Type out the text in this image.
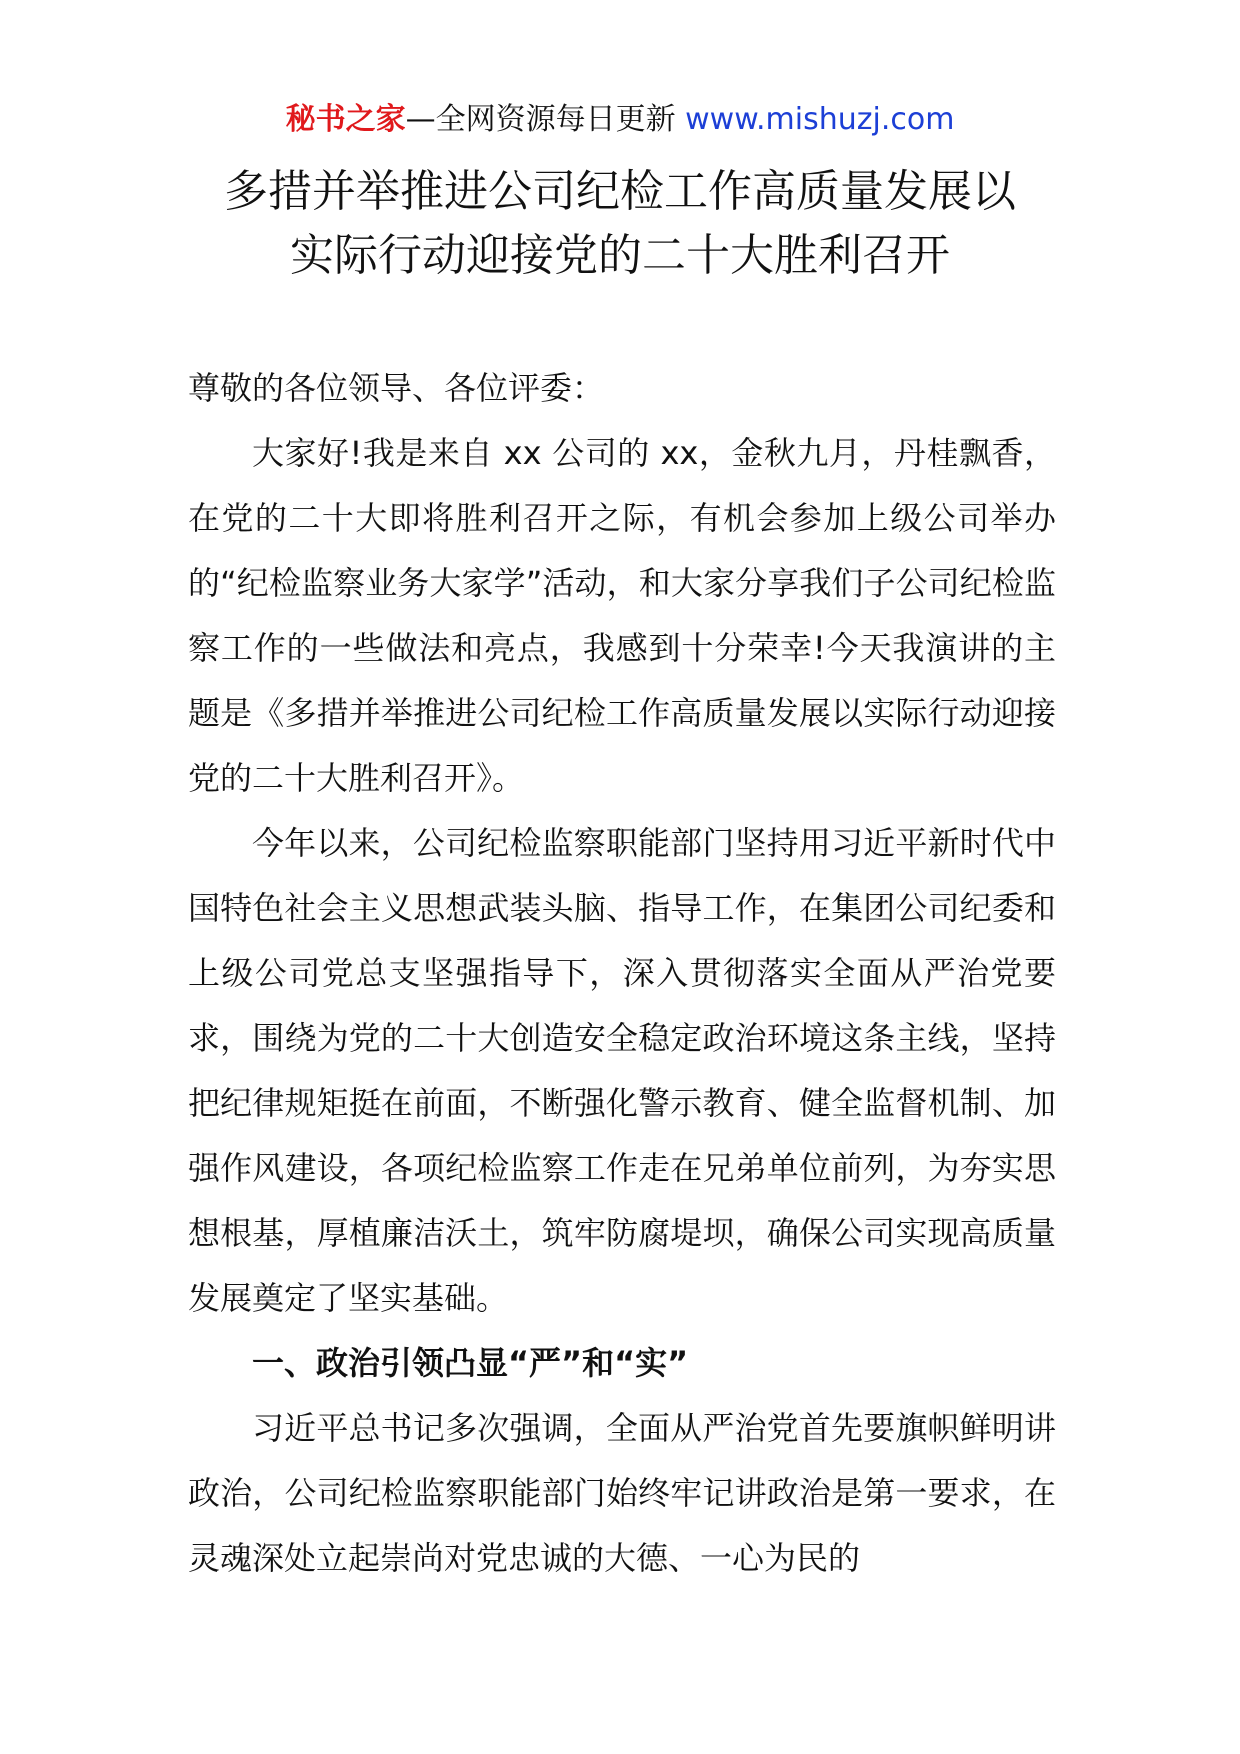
秘书之家—全网资源每日更新 www.mishuzj.com
多措并举推进公司纪检工作高质量发展以
实际行动迎接党的二十大胜利召开

尊敬的各位领导、各位评委：

大家好!我是来自 xx 公司的 xx，金秋九月，丹桂飘香，在党的二十大即将胜利召开之际，有机会参加上级公司举办的“纪检监察业务大家学”活动，和大家分享我们子公司纪检监察工作的一些做法和亮点，我感到十分荣幸!今天我演讲的主题是《多措并举推进公司纪检工作高质量发展以实际行动迎接党的二十大胜利召开》。

今年以来，公司纪检监察职能部门坚持用习近平新时代中国特色社会主义思想武装头脑、指导工作，在集团公司纪委和上级公司党总支坚强指导下，深入贯彻落实全面从严治党要求，围绕为党的二十大创造安全稳定政治环境这条主线，坚持把纪律规矩挺在前面，不断强化警示教育、健全监督机制、加强作风建设，各项纪检监察工作走在兄弟单位前列，为夯实思想根基，厚植廉洁沃土，筑牢防腐堤坝，确保公司实现高质量发展奠定了坚实基础。

一、政治引领凸显“严”和“实”

习近平总书记多次强调，全面从严治党首先要旗帜鲜明讲政治，公司纪检监察职能部门始终牢记讲政治是第一要求，在灵魂深处立起崇尚对党忠诚的大德、一心为民的
